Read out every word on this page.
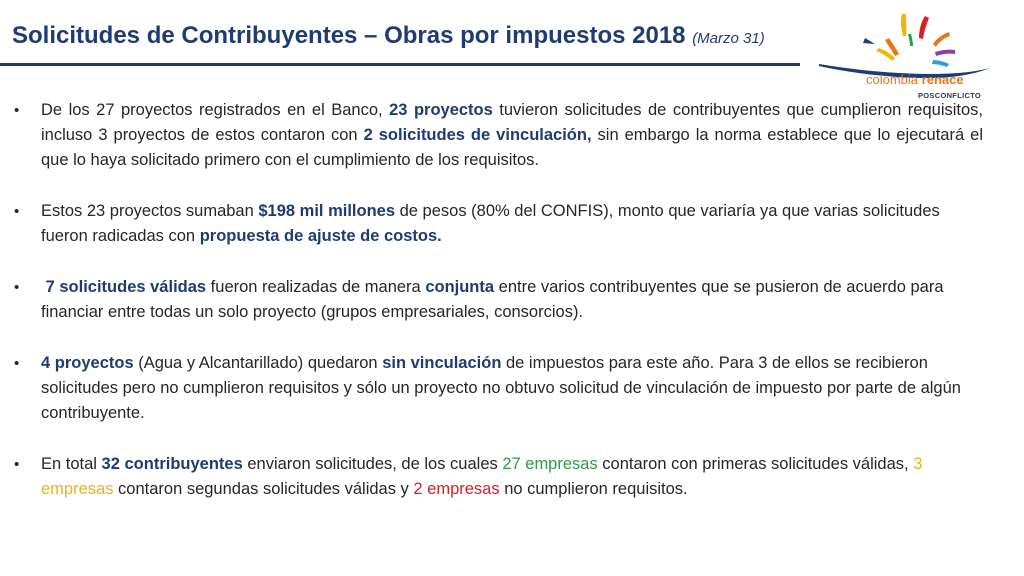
Solicitudes de Contribuyentes – Obras por impuestos 2018 (Marzo 31)
colombia renace
POSCONFLICTO
• De los 27 proyectos registrados en el Banco, 23 proyectos tuvieron solicitudes de contribuyentes que cumplieron requisitos, incluso 3 proyectos de estos contaron con 2 solicitudes de vinculación, sin embargo la norma establece que lo ejecutará el que lo haya solicitado primero con el cumplimiento de los requisitos.
• Estos 23 proyectos sumaban $198 mil millones de pesos (80% del CONFIS), monto que variaría ya que varias solicitudes fueron radicadas con propuesta de ajuste de costos.
• 7 solicitudes válidas fueron realizadas de manera conjunta entre varios contribuyentes que se pusieron de acuerdo para financiar entre todas un solo proyecto (grupos empresariales, consorcios).
• 4 proyectos (Agua y Alcantarillado) quedaron sin vinculación de impuestos para este año. Para 3 de ellos se recibieron solicitudes pero no cumplieron requisitos y sólo un proyecto no obtuvo solicitud de vinculación de impuesto por parte de algún contribuyente.
• En total 32 contribuyentes enviaron solicitudes, de los cuales 27 empresas contaron con primeras solicitudes válidas, 3 empresas contaron segundas solicitudes válidas y 2 empresas no cumplieron requisitos.
